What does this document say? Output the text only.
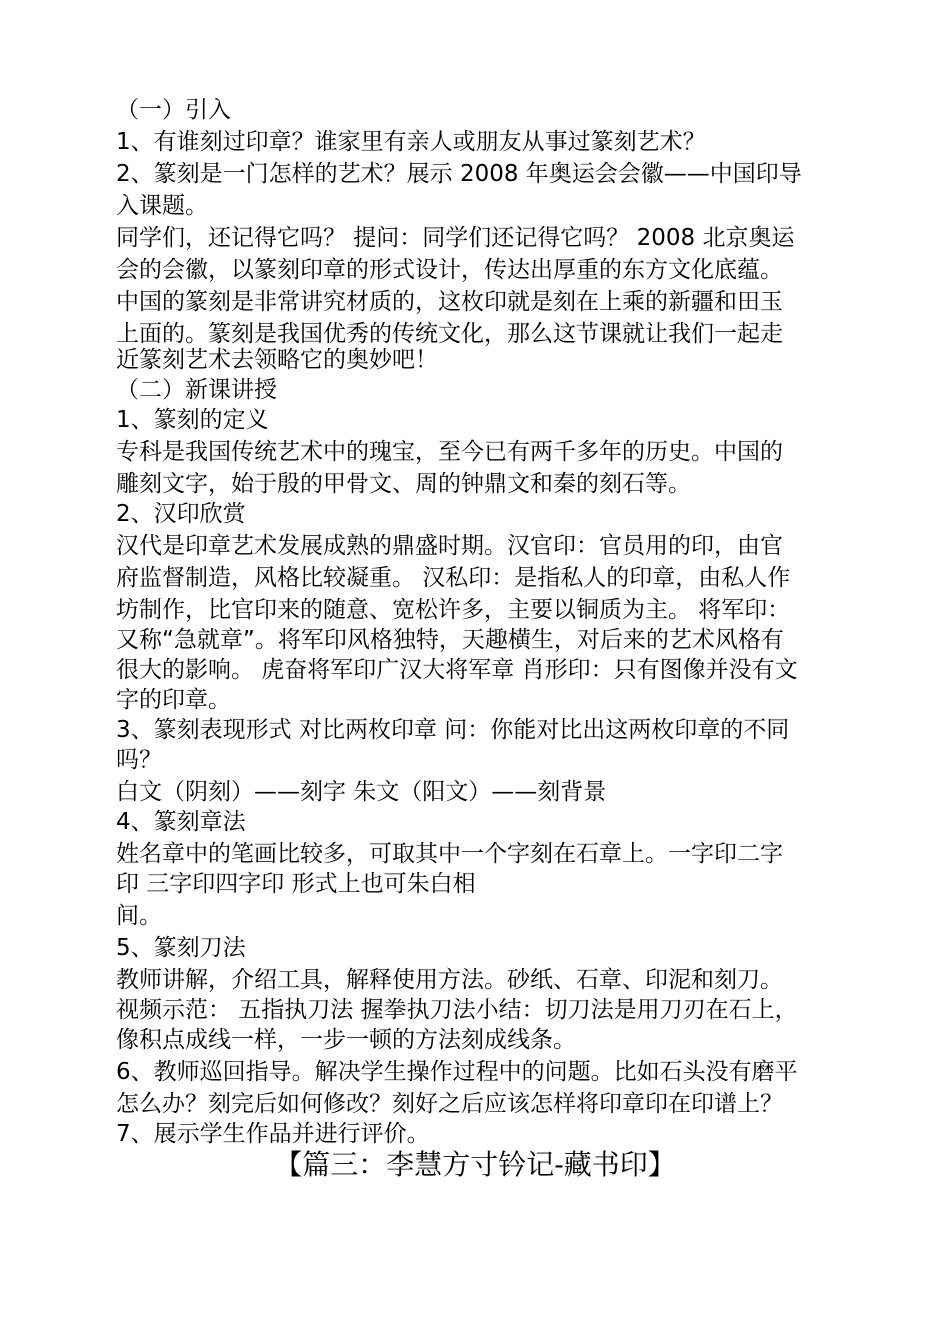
（一）引入
1、有谁刻过印章？谁家里有亲人或朋友从事过篆刻艺术？
2、篆刻是一门怎样的艺术？展示 2008 年奥运会会徽——中国印导
入课题。
同学们，还记得它吗？ 提问：同学们还记得它吗？ 2008 北京奥运
会的会徽，以篆刻印章的形式设计，传达出厚重的东方文化底蕴。
中国的篆刻是非常讲究材质的，这枚印就是刻在上乘的新疆和田玉
上面的。篆刻是我国优秀的传统文化，那么这节课就让我们一起走
近篆刻艺术去领略它的奥妙吧！
（二）新课讲授
1、篆刻的定义
专科是我国传统艺术中的瑰宝，至今已有两千多年的历史。中国的
雕刻文字，始于殷的甲骨文、周的钟鼎文和秦的刻石等。
2、汉印欣赏
汉代是印章艺术发展成熟的鼎盛时期。汉官印：官员用的印，由官
府监督制造，风格比较凝重。 汉私印：是指私人的印章，由私人作
坊制作，比官印来的随意、宽松许多，主要以铜质为主。 将军印：
又称“急就章”。将军印风格独特，天趣横生，对后来的艺术风格有
很大的影响。 虎奋将军印广汉大将军章 肖形印：只有图像并没有文
字的印章。
3、篆刻表现形式 对比两枚印章 问：你能对比出这两枚印章的不同
吗？
白文（阴刻）——刻字 朱文（阳文）——刻背景
4、篆刻章法
姓名章中的笔画比较多，可取其中一个字刻在石章上。一字印二字
印 三字印四字印 形式上也可朱白相
间。
5、篆刻刀法
教师讲解，介绍工具，解释使用方法。砂纸、石章、印泥和刻刀。
视频示范： 五指执刀法 握拳执刀法小结：切刀法是用刀刃在石上，
像积点成线一样，一步一顿的方法刻成线条。
6、教师巡回指导。解决学生操作过程中的问题。比如石头没有磨平
怎么办？刻完后如何修改？刻好之后应该怎样将印章印在印谱上？
7、展示学生作品并进行评价。
【篇三：李慧方寸钤记-藏书印】
